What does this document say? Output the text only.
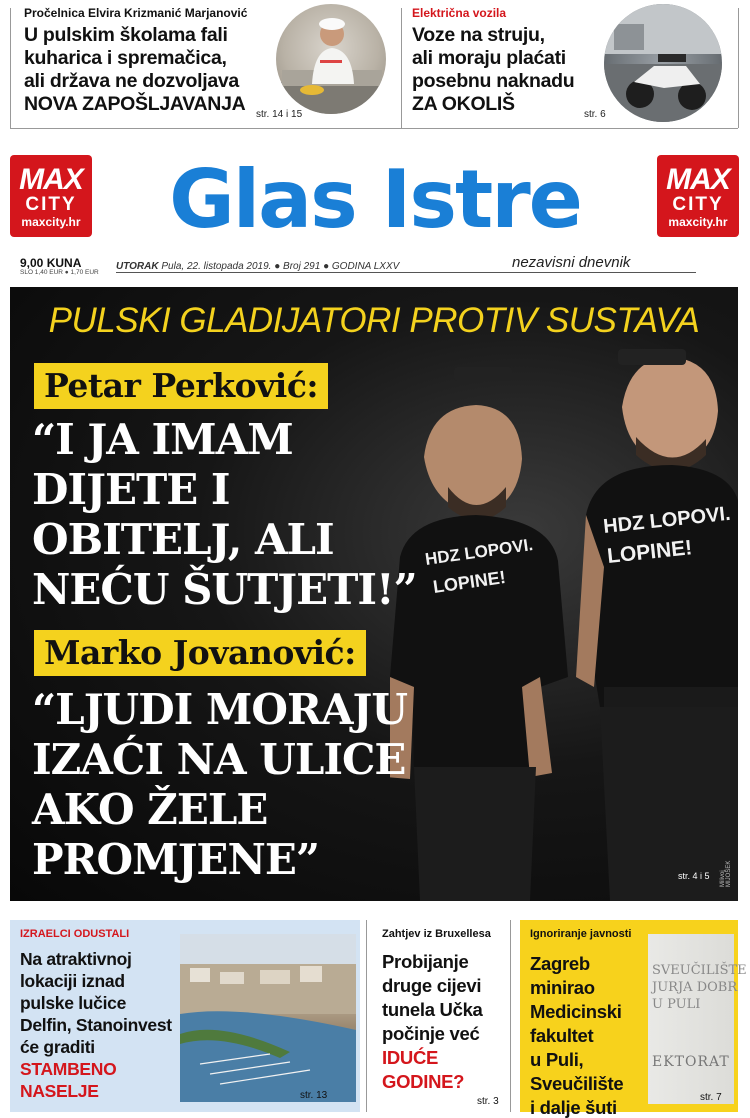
Pročelnica Elvira Krizmanić Marjanović
U pulskim školama fali
kuharica i spremačica,
ali država ne dozvoljava
NOVA ZAPOŠLJAVANJA str. 14 i 15
Električna vozila
Voze na struju,
ali moraju plaćati
posebnu naknadu
ZA OKOLIŠ	str. 6
MAX
CITY
maxcity.hr	Glas Istre	MAX
CITY
maxcity.hr
9,00 KUNA
SLO 1,40 EUR ● 1,70 EUR
UTORAK Pula, 22. listopada 2019. ● Broj 291 ● GODINA LXXV	nezavisni dnevnik
PULSKI GLADIJATORI PROTIV SUSTAVA
HDZ LOPOVI.
LOPINE!
HDZ LOPOVI.
LOPINE!
Petar Perković:
“I JA IMAM
DIJETE I
OBITELJ, ALI
NEĆU ŠUTJETI!”
Marko Jovanović:
“LJUDI MORAJU
IZAĆI NA ULICE
AKO ŽELE
PROMJENE”	str. 4 i 5 Milivoj MIJOŠEK
IZRAELCI ODUSTALI
Na atraktivnoj
lokaciji iznad
pulske lučice
Delfin, Stanoinvest
će graditi
STAMBENO
NASELJE	str. 13
Zahtjev iz Bruxellesa
Probijanje
druge cijevi
tunela Učka
počinje već
IDUĆE
GODINE?
str. 3
Ignoriranje javnosti
Zagreb
minirao
Medicinski
fakultet
u Puli,
Sveučilište
i dalje šuti
SVEUČILIŠTE
JURJA DOBR
U PULI
EKTORAT
str. 7
